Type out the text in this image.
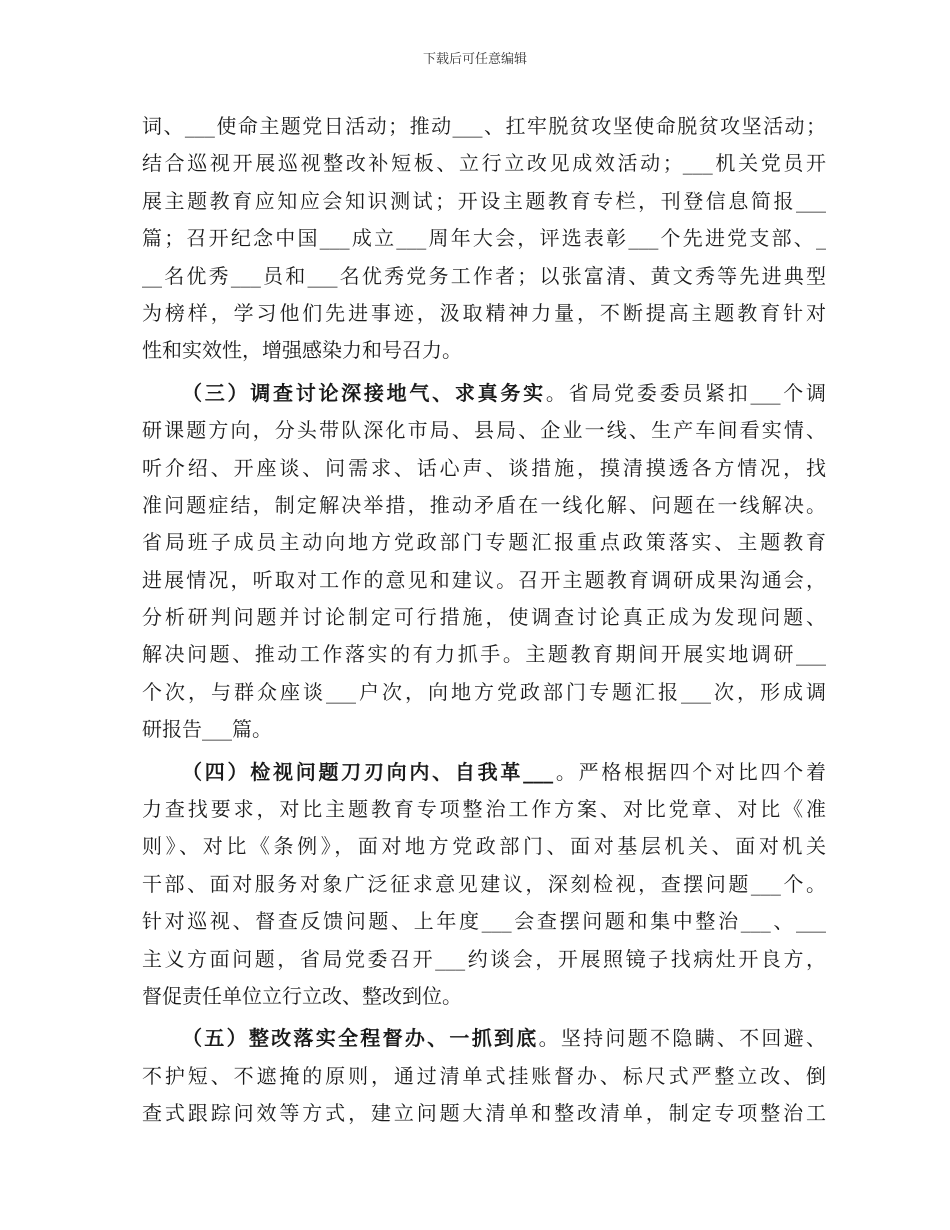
下载后可任意编辑
词、___使命主题党日活动；推动___、扛牢脱贫攻坚使命脱贫攻坚活动；
结合巡视开展巡视整改补短板、立行立改见成效活动；___机关党员开
展主题教育应知应会知识测试；开设主题教育专栏，刊登信息简报___
篇；召开纪念中国___成立___周年大会，评选表彰___个先进党支部、_
__名优秀___员和___名优秀党务工作者；以张富清、黄文秀等先进典型
为榜样，学习他们先进事迹，汲取精神力量，不断提高主题教育针对
性和实效性，增强感染力和号召力。
（三）调查讨论深接地气、求真务实。省局党委委员紧扣___个调
研课题方向，分头带队深化市局、县局、企业一线、生产车间看实情、
听介绍、开座谈、问需求、话心声、谈措施，摸清摸透各方情况，找
准问题症结，制定解决举措，推动矛盾在一线化解、问题在一线解决。
省局班子成员主动向地方党政部门专题汇报重点政策落实、主题教育
进展情况，听取对工作的意见和建议。召开主题教育调研成果沟通会，
分析研判问题并讨论制定可行措施，使调查讨论真正成为发现问题、
解决问题、推动工作落实的有力抓手。主题教育期间开展实地调研___
个次，与群众座谈___户次，向地方党政部门专题汇报___次，形成调
研报告___篇。
（四）检视问题刀刃向内、自我革___。严格根据四个对比四个着
力查找要求，对比主题教育专项整治工作方案、对比党章、对比《准
则》、对比《条例》，面对地方党政部门、面对基层机关、面对机关
干部、面对服务对象广泛征求意见建议，深刻检视，查摆问题___个。
针对巡视、督查反馈问题、上年度___会查摆问题和集中整治___、___
主义方面问题，省局党委召开___约谈会，开展照镜子找病灶开良方，
督促责任单位立行立改、整改到位。
（五）整改落实全程督办、一抓到底。坚持问题不隐瞒、不回避、
不护短、不遮掩的原则，通过清单式挂账督办、标尺式严整立改、倒
查式跟踪问效等方式，建立问题大清单和整改清单，制定专项整治工
